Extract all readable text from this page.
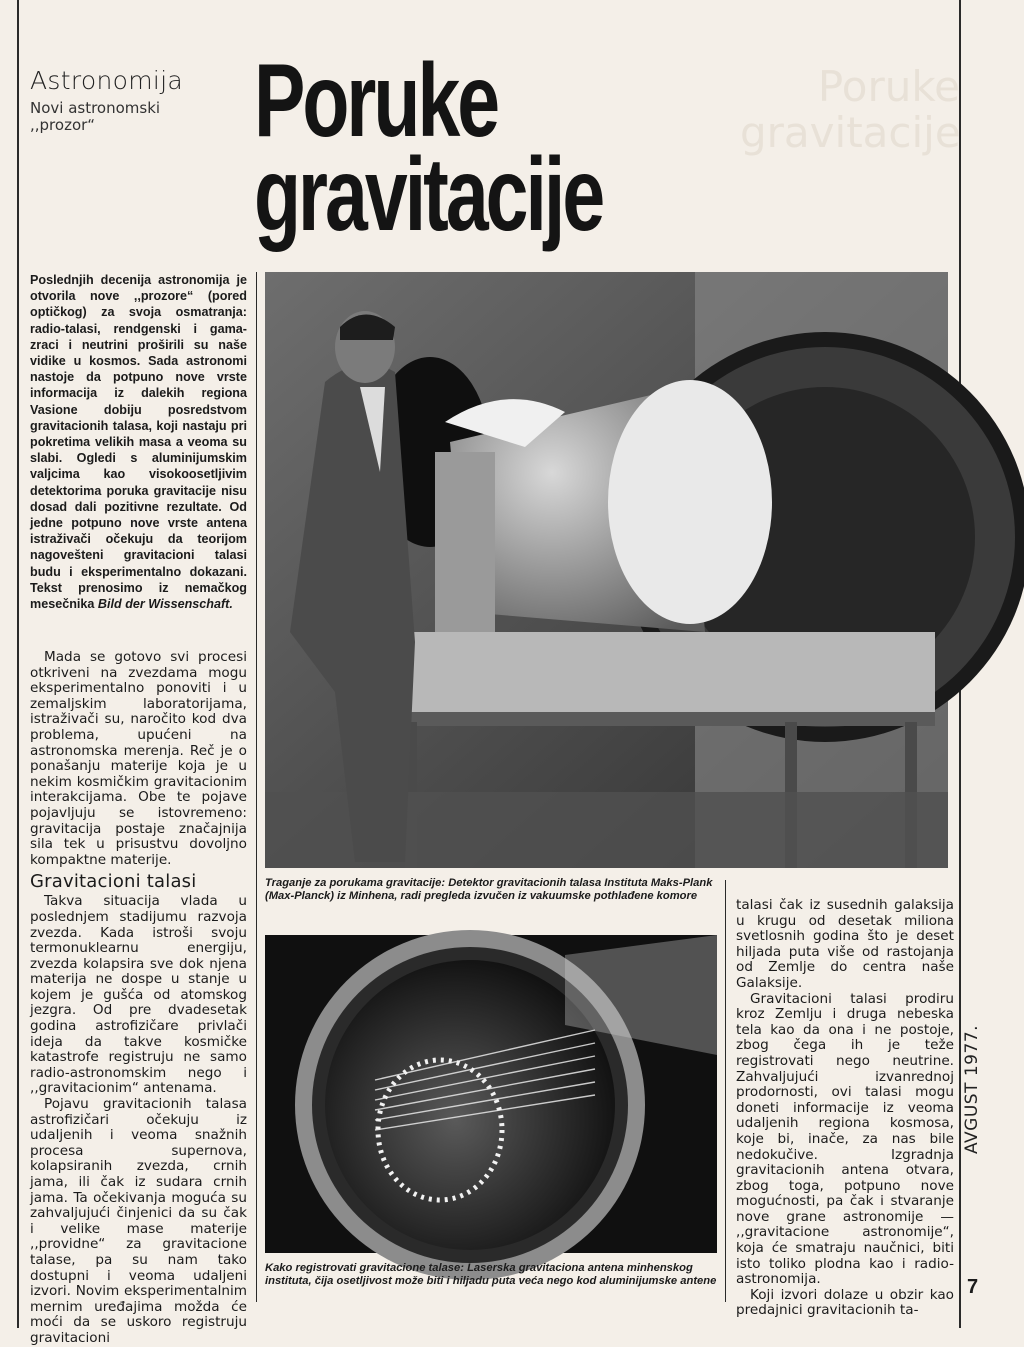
Astronomija
Novi astronomski ,,prozor“
Poruke
gravitacije
Poruke
gravitacije
Poslednjih decenija astronomija je otvorila nove ,,prozore“ (pored optičkog) za svoja osmatranja: radio-talasi, rendgenski i gama-zraci i neutrini proširili su naše vidike u kosmos. Sada astronomi nastoje da potpuno nove vrste informacija iz dalekih regiona Vasione dobiju posredstvom gravitacionih talasa, koji nastaju pri pokretima velikih masa a veoma su slabi. Ogledi s aluminijumskim valjcima kao visokoosetljivim detektorima poruka gravitacije nisu dosad dali pozitivne rezultate. Od jedne potpuno nove vrste antena istraživači očekuju da teorijom nagovešteni gravitacioni talasi budu i eksperimentalno dokazani. Tekst prenosimo iz nemačkog mesečnika Bild der Wissenschaft.

Mada se gotovo svi procesi otkriveni na zvezdama mogu eksperimentalno ponoviti i u zemaljskim laboratorijama, istraživači su, naročito kod dva problema, upućeni na astronomska merenja. Reč je o ponašanju materije koja je u nekim kosmičkim gravitacionim interakcijama. Obe te pojave pojavljuju se istovremeno: gravitacija postaje značajnija sila tek u prisustvu dovoljno kompaktne materije.

Gravitacioni talasi

Takva situacija vlada u poslednjem stadijumu razvoja zvezda. Kada istroši svoju termonuklearnu energiju, zvezda kolapsira sve dok njena materija ne dospe u stanje u kojem je gušća od atomskog jezgra. Od pre dvadesetak godina astrofizičare privlači ideja da takve kosmičke katastrofe registruju ne samo radio-astronomskim nego i ,,gravitacionim“ antenama.

Pojavu gravitacionih talasa astrofizičari očekuju iz udaljenih i veoma snažnih procesa supernova, kolapsiranih zvezda, crnih jama, ili čak iz sudara crnih jama. Ta očekivanja moguća su zahvaljujući činjenici da su čak i velike mase materije ,,providne“ za gravitacione talase, pa su nam tako dostupni i veoma udaljeni izvori. Novim eksperimentalnim mernim uređajima možda će moći da se uskoro registruju gravitacioni

Traganje za porukama gravitacije: Detektor gravitacionih talasa Instituta Maks-Plank (Max-Planck) iz Minhena, radi pregleda izvučen iz vakuumske pothlađene komore
Kako registrovati gravitacione talase: Laserska gravitaciona antena minhenskog instituta, čija osetljivost može biti i hiljadu puta veća nego kod aluminijumske antene

talasi čak iz susednih galaksija u krugu od desetak miliona svetlosnih godina što je deset hiljada puta više od rastojanja od Zemlje do centra naše Galaksije.

Gravitacioni talasi prodiru kroz Zemlju i druga nebeska tela kao da ona i ne postoje, zbog čega ih je teže registrovati nego neutrine. Zahvaljujući izvanrednoj prodornosti, ovi talasi mogu doneti informacije iz veoma udaljenih regiona kosmosa, koje bi, inače, za nas bile nedokučive. Izgradnja gravitacionih antena otvara, zbog toga, potpuno nove mogućnosti, pa čak i stvaranje nove grane astronomije — ,,gravitacione astronomije“, koja će smatraju naučnici, biti isto toliko plodna kao i radio-astronomija.

Koji izvori dolaze u obzir kao predajnici gravitacionih ta-

AVGUST 1977.
7
